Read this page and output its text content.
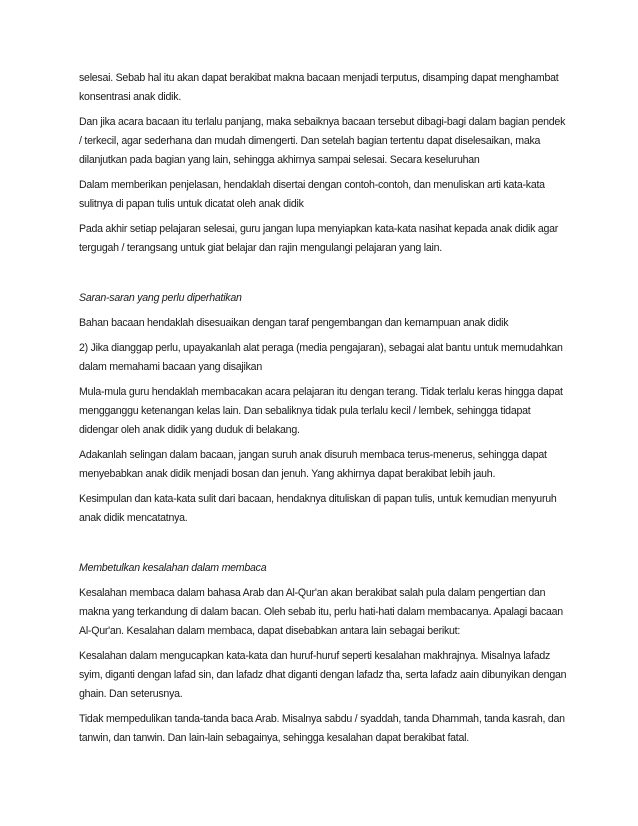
selesai. Sebab hal itu akan dapat berakibat makna bacaan menjadi terputus, disamping dapat menghambat konsentrasi anak didik.

Dan jika acara bacaan itu terlalu panjang, maka sebaiknya bacaan tersebut dibagi-bagi dalam bagian pendek / terkecil, agar sederhana dan mudah dimengerti. Dan setelah bagian tertentu dapat diselesaikan, maka dilanjutkan pada bagian yang lain, sehingga akhirnya sampai selesai. Secara keseluruhan

Dalam memberikan penjelasan, hendaklah disertai dengan contoh-contoh, dan menuliskan arti kata-kata sulitnya di papan tulis untuk dicatat oleh anak didik

Pada akhir setiap pelajaran selesai, guru jangan lupa menyiapkan kata-kata nasihat kepada anak didik agar tergugah / terangsang untuk giat belajar dan rajin mengulangi pelajaran yang lain.

Saran-saran yang perlu diperhatikan

Bahan bacaan hendaklah disesuaikan dengan taraf pengembangan dan kemampuan anak didik

2) Jika dianggap perlu, upayakanlah alat peraga (media pengajaran), sebagai alat bantu untuk memudahkan dalam memahami bacaan yang disajikan

Mula-mula guru hendaklah membacakan acara pelajaran itu dengan terang. Tidak terlalu keras hingga dapat mengganggu ketenangan kelas lain. Dan sebaliknya tidak pula terlalu kecil / lembek, sehingga tidapat didengar oleh anak didik yang duduk di belakang.

Adakanlah selingan dalam bacaan, jangan suruh anak disuruh membaca terus-menerus, sehingga dapat menyebabkan anak didik menjadi bosan dan jenuh. Yang akhirnya dapat berakibat lebih jauh.

Kesimpulan dan kata-kata sulit dari bacaan, hendaknya dituliskan di papan tulis, untuk kemudian menyuruh anak didik mencatatnya.

Membetulkan kesalahan dalam membaca

Kesalahan membaca dalam bahasa Arab dan Al-Qur'an akan berakibat salah pula dalam pengertian dan makna yang terkandung di dalam bacan. Oleh sebab itu, perlu hati-hati dalam membacanya. Apalagi bacaan Al-Qur'an. Kesalahan dalam membaca, dapat disebabkan antara lain sebagai berikut:

Kesalahan dalam mengucapkan kata-kata dan huruf-huruf seperti kesalahan makhrajnya. Misalnya lafadz syim, diganti dengan lafad sin, dan lafadz dhat diganti dengan lafadz tha, serta lafadz aain dibunyikan dengan ghain. Dan seterusnya.

Tidak mempedulikan tanda-tanda baca Arab. Misalnya sabdu / syaddah, tanda Dhammah, tanda kasrah, dan tanwin, dan tanwin. Dan lain-lain sebagainya, sehingga kesalahan dapat berakibat fatal.
